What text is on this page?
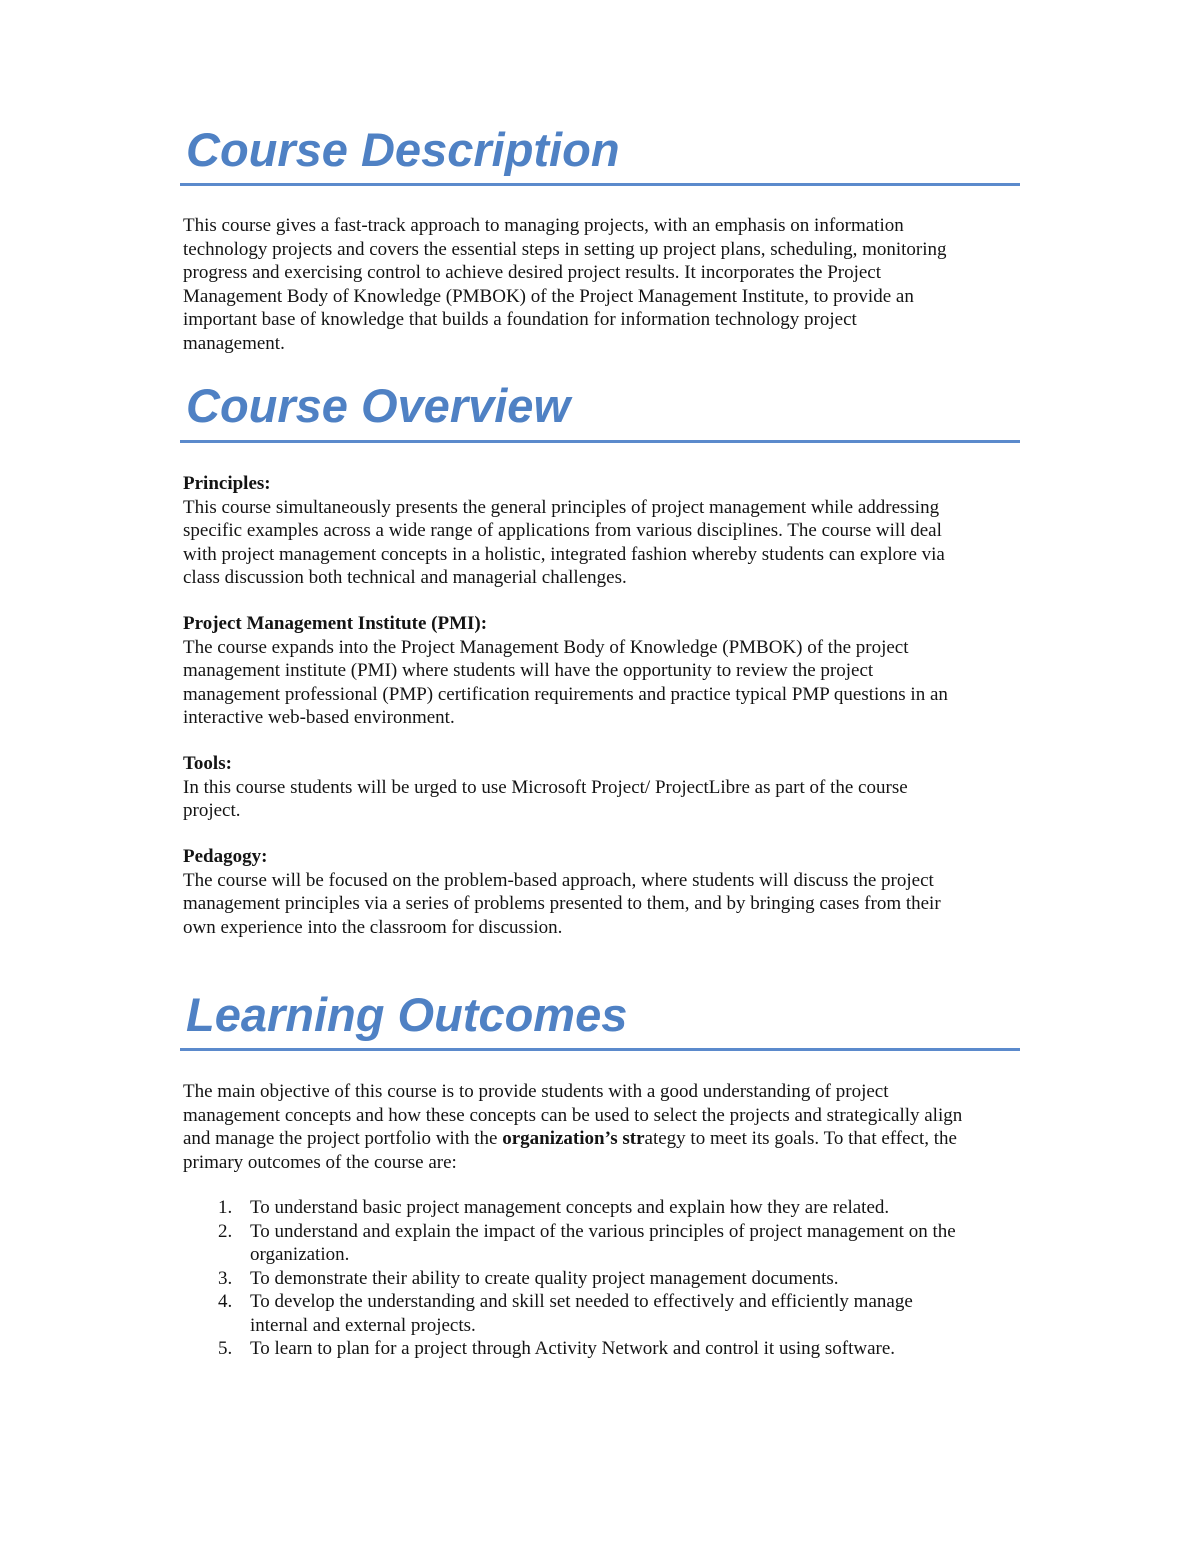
Course Description
This course gives a fast-track approach to managing projects, with an emphasis on information
technology projects and covers the essential steps in setting up project plans, scheduling, monitoring
progress and exercising control to achieve desired project results. It incorporates the Project
Management Body of Knowledge (PMBOK) of the Project Management Institute, to provide an
important base of knowledge that builds a foundation for information technology project
management.
Course Overview
Principles:
This course simultaneously presents the general principles of project management while addressing
specific examples across a wide range of applications from various disciplines. The course will deal
with project management concepts in a holistic, integrated fashion whereby students can explore via
class discussion both technical and managerial challenges.
Project Management Institute (PMI):
The course expands into the Project Management Body of Knowledge (PMBOK) of the project
management institute (PMI) where students will have the opportunity to review the project
management professional (PMP) certification requirements and practice typical PMP questions in an
interactive web-based environment.
Tools:
In this course students will be urged to use Microsoft Project/ ProjectLibre as part of the course
project.
Pedagogy:
The course will be focused on the problem-based approach, where students will discuss the project
management principles via a series of problems presented to them, and by bringing cases from their
own experience into the classroom for discussion.
Learning Outcomes
The main objective of this course is to provide students with a good understanding of project
management concepts and how these concepts can be used to select the projects and strategically align
and manage the project portfolio with the organization’s strategy to meet its goals. To that effect, the
primary outcomes of the course are:
1. To understand basic project management concepts and explain how they are related.
2. To understand and explain the impact of the various principles of project management on the
organization.
3. To demonstrate their ability to create quality project management documents.
4. To develop the understanding and skill set needed to effectively and efficiently manage
internal and external projects.
5. To learn to plan for a project through Activity Network and control it using software.
